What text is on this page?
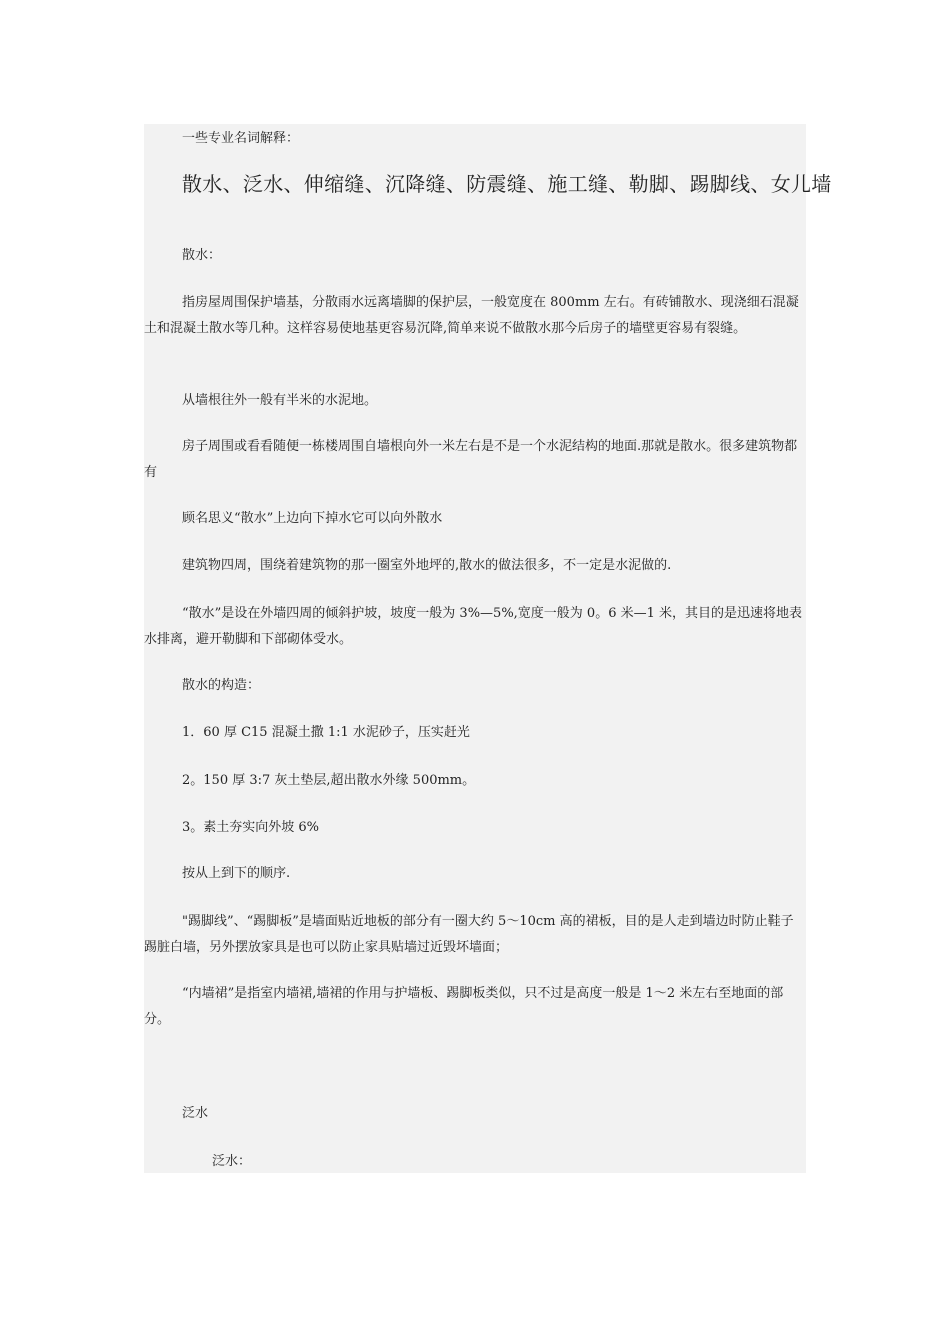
一些专业名词解释：

散水、泛水、伸缩缝、沉降缝、防震缝、施工缝、勒脚、踢脚线、女儿墙

散水：

指房屋周围保护墙基，分散雨水远离墙脚的保护层，一般宽度在 800mm 左右。有砖铺散水、现浇细石混凝土和混凝土散水等几种。这样容易使地基更容易沉降,简单来说不做散水那今后房子的墙壁更容易有裂缝。

从墙根往外一般有半米的水泥地。

房子周围或看看随便一栋楼周围自墙根向外一米左右是不是一个水泥结构的地面.那就是散水。很多建筑物都有

顾名思义“散水”上边向下掉水它可以向外散水

建筑物四周，围绕着建筑物的那一圈室外地坪的,散水的做法很多，不一定是水泥做的.

“散水”是设在外墙四周的倾斜护坡，坡度一般为 3%—5%,宽度一般为 0。6 米—1 米，其目的是迅速将地表水排离，避开勒脚和下部砌体受水。

散水的构造：

1．60 厚 C15 混凝土撒 1:1 水泥砂子，压实赶光

2。150 厚 3:7 灰土垫层,超出散水外缘 500mm。

3。素土夯实向外坡 6%

按从上到下的顺序.

"踢脚线”、“踢脚板”是墙面贴近地板的部分有一圈大约 5～10cm 高的裙板，目的是人走到墙边时防止鞋子踢脏白墙，另外摆放家具是也可以防止家具贴墙过近毁坏墙面；

“内墙裙”是指室内墙裙,墙裙的作用与护墙板、踢脚板类似，只不过是高度一般是 1～2 米左右至地面的部分。

泛水

泛水：
